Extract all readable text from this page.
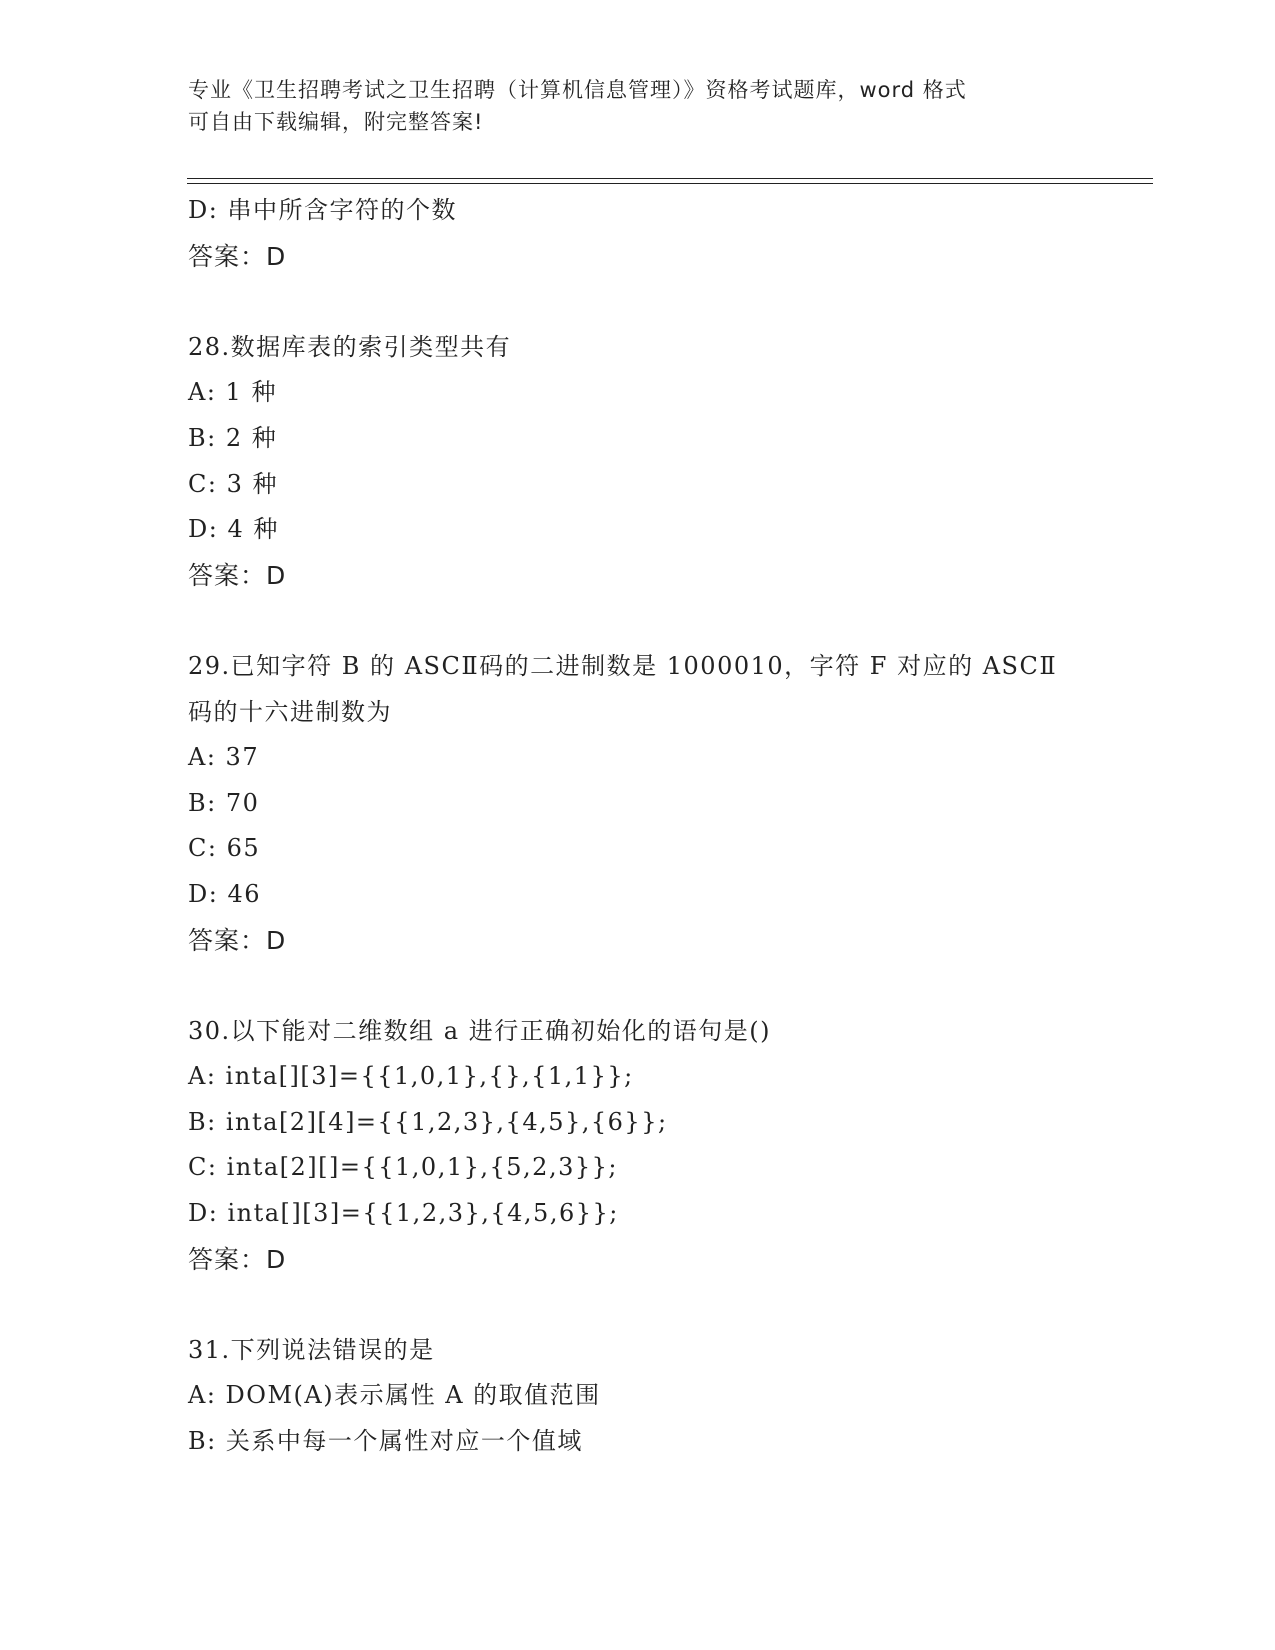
专业《卫生招聘考试之卫生招聘（计算机信息管理）》资格考试题库，word 格式
可自由下载编辑，附完整答案!
D: 串中所含字符的个数
答案：D
28.数据库表的索引类型共有
A: 1 种
B: 2 种
C: 3 种
D: 4 种
答案：D
29.已知字符 B 的 ASCⅡ码的二进制数是 1000010，字符 F 对应的 ASCⅡ
码的十六进制数为
A: 37
B: 70
C: 65
D: 46
答案：D
30.以下能对二维数组 a 进行正确初始化的语句是()
A: inta[][3]={{1,0,1},{},{1,1}};
B: inta[2][4]={{1,2,3},{4,5},{6}};
C: inta[2][]={{1,0,1},{5,2,3}};
D: inta[][3]={{1,2,3},{4,5,6}};
答案：D
31.下列说法错误的是
A: DOM(A)表示属性 A 的取值范围
B: 关系中每一个属性对应一个值域
